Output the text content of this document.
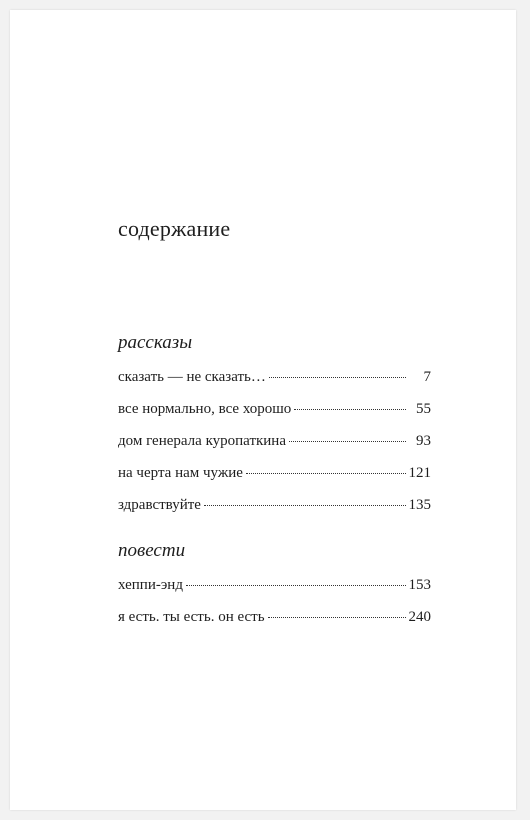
содержание
рассказы
сказать — не сказать…	7
все нормально, все хорошо	55
дом генерала куропаткина	93
на черта нам чужие	121
здравствуйте	135
повести
хеппи-энд	153
я есть. ты есть. он есть	240
